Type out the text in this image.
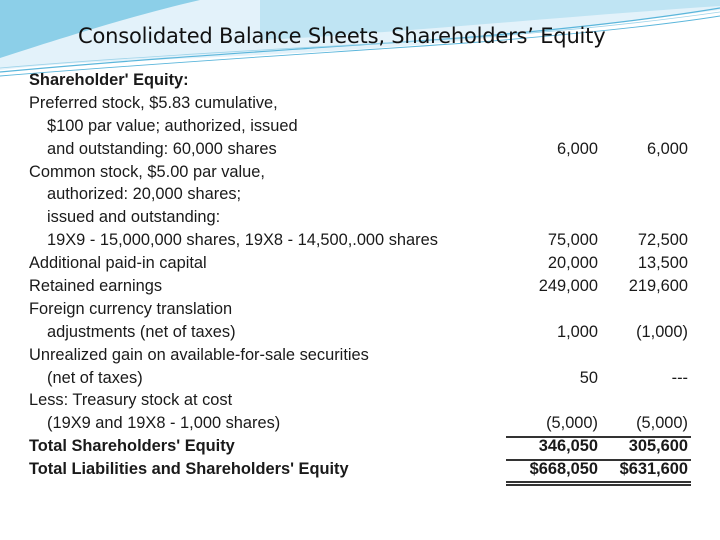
Consolidated Balance Sheets, Shareholders’ Equity
Shareholder' Equity:
Preferred stock, $5.83 cumulative,
$100 par value; authorized, issued
and outstanding: 60,000 shares	6,000	6,000
Common stock, $5.00 par value,
authorized: 20,000 shares;
issued and outstanding:
19X9 - 15,000,000 shares, 19X8 - 14,500,.000 shares	75,000 72,500
Additional paid-in capital	20,000 13,500
Retained earnings	249,000 219,600
Foreign currency translation
adjustments (net of taxes)	1,000 (1,000)
Unrealized gain on available-for-sale securities
(net of taxes)	50	---
Less: Treasury stock at cost
(19X9 and 19X8 - 1,000 shares)	(5,000) (5,000)
Total Shareholders' Equity	346,050 305,600
Total Liabilities and Shareholders' Equity	$668,050 $631,600
